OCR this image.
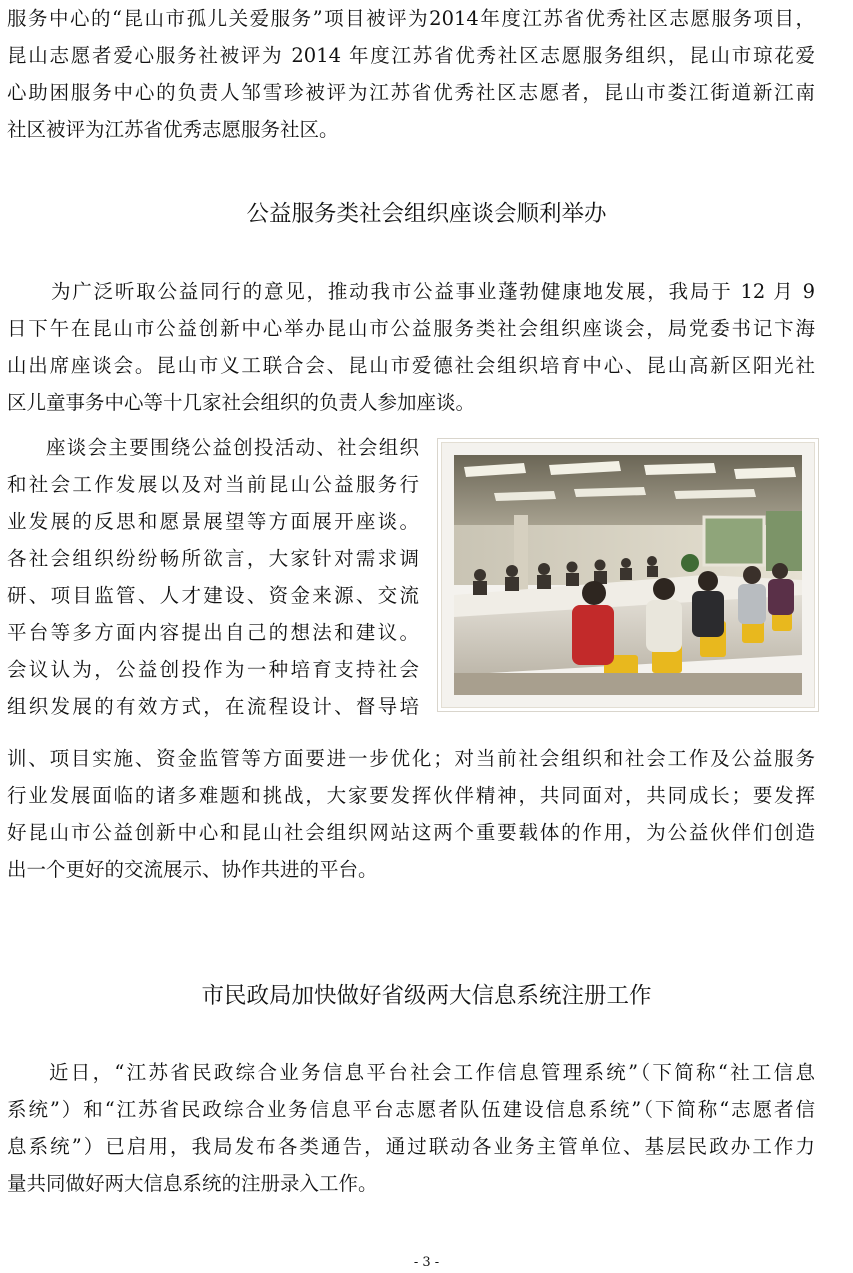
服务中心的“昆山市孤儿关爱服务”项目被评为2014年度江苏省优秀社区志愿服务项目，
昆山志愿者爱心服务社被评为 2014 年度江苏省优秀社区志愿服务组织，昆山市琼花爱
心助困服务中心的负责人邹雪珍被评为江苏省优秀社区志愿者，昆山市娄江街道新江南
社区被评为江苏省优秀志愿服务社区。
公益服务类社会组织座谈会顺利举办
为广泛听取公益同行的意见，推动我市公益事业蓬勃健康地发展，我局于 12 月 9
日下午在昆山市公益创新中心举办昆山市公益服务类社会组织座谈会，局党委书记卞海
山出席座谈会。昆山市义工联合会、昆山市爱德社会组织培育中心、昆山高新区阳光社
区儿童事务中心等十几家社会组织的负责人参加座谈。
座谈会主要围绕公益创投活动、社会组织
和社会工作发展以及对当前昆山公益服务行
业发展的反思和愿景展望等方面展开座谈。
各社会组织纷纷畅所欲言，大家针对需求调
研、项目监管、人才建设、资金来源、交流
平台等多方面内容提出自己的想法和建议。
会议认为，公益创投作为一种培育支持社会
组织发展的有效方式，在流程设计、督导培
训、项目实施、资金监管等方面要进一步优化；对当前社会组织和社会工作及公益服务
行业发展面临的诸多难题和挑战，大家要发挥伙伴精神，共同面对，共同成长；要发挥
好昆山市公益创新中心和昆山社会组织网站这两个重要载体的作用，为公益伙伴们创造
出一个更好的交流展示、协作共进的平台。
市民政局加快做好省级两大信息系统注册工作
近日，“江苏省民政综合业务信息平台社会工作信息管理系统”（下简称“社工信息
系统”）和“江苏省民政综合业务信息平台志愿者队伍建设信息系统”（下简称“志愿者信
息系统”）已启用，我局发布各类通告，通过联动各业务主管单位、基层民政办工作力
量共同做好两大信息系统的注册录入工作。
- 3 -
